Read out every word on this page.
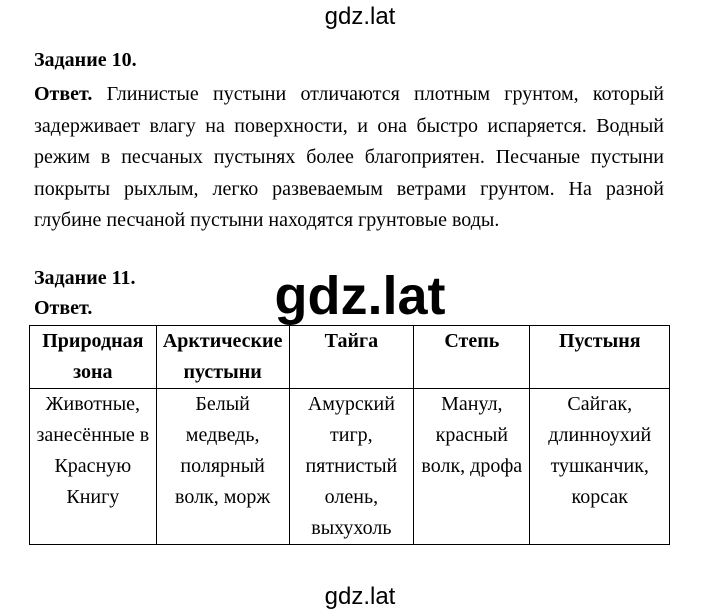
gdz.lat
Задание 10.
Ответ. Глинистые пустыни отличаются плотным грунтом, который задерживает влагу на поверхности, и она быстро испаряется. Водный режим в песчаных пустынях более благоприятен. Песчаные пустыни покрыты рыхлым, легко развеваемым ветрами грунтом. На разной глубине песчаной пустыни находятся грунтовые воды.
Задание 11.
Ответ.	gdz.lat
Природная зона	Арктические пустыни	Тайга	Степь	Пустыня
Животные, занесённые в Красную Книгу	Белый медведь, полярный волк, морж	Амурский тигр, пятнистый олень, выхухоль	Манул, красный волк, дрофа	Сайгак, длинноухий тушканчик, корсак
gdz.lat
